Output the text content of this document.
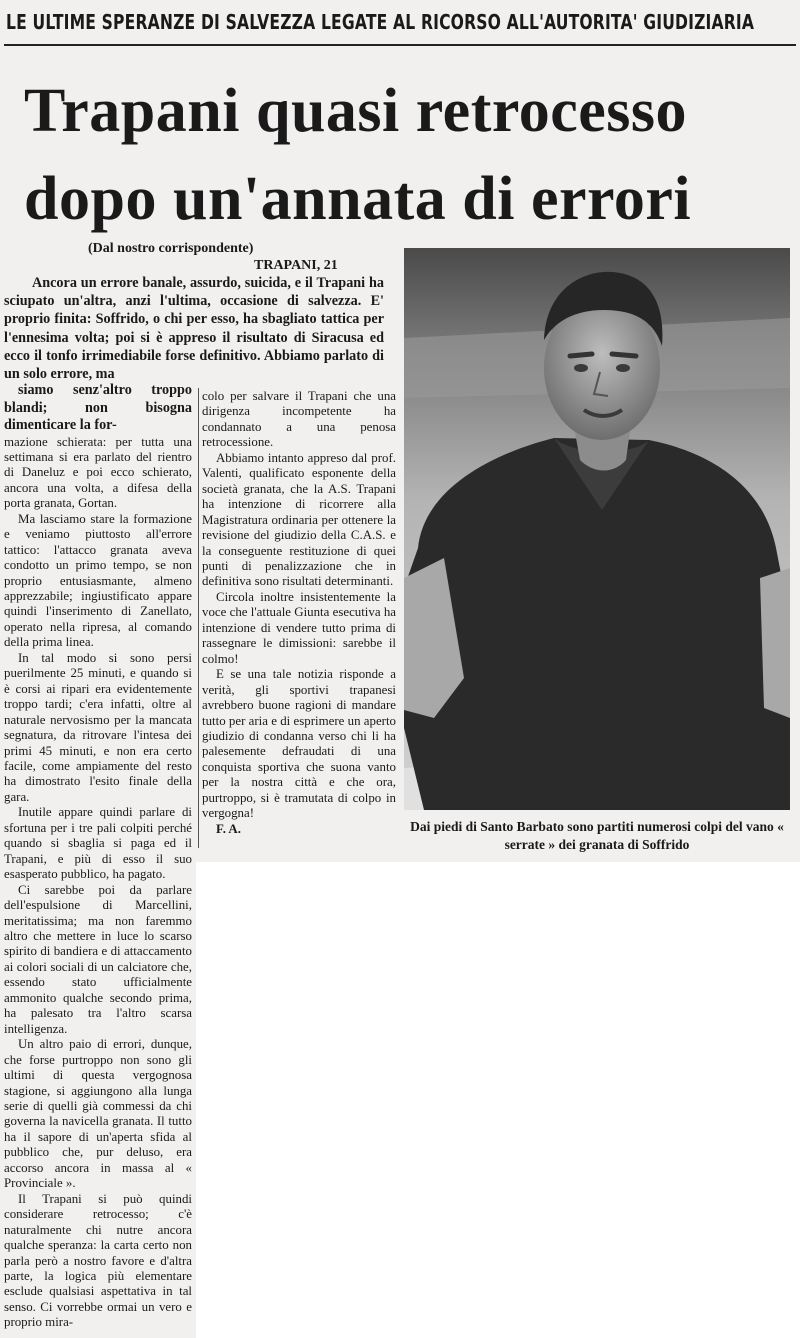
LE ULTIME SPERANZE DI SALVEZZA LEGATE AL RICORSO ALL'AUTORITA' GIUDIZIARIA
Trapani quasi retrocesso
dopo un'annata di errori
(Dal nostro corrispondente)
TRAPANI, 21

Ancora un errore banale, assurdo, suicida, e il Trapani ha sciupato un'altra, anzi l'ultima, occasione di salvezza. E' proprio finita: Soffrido, o chi per esso, ha sbagliato tattica per l'ennesima volta; poi si è appreso il risultato di Siracusa ed ecco il tonfo irrimediabile forse definitivo. Abbiamo parlato di un solo errore, ma

siamo senz'altro troppo blandi; non bisogna dimenticare la for-

mazione schierata: per tutta una settimana si era parlato del rientro di Daneluz e poi ecco schierato, ancora una volta, a difesa della porta granata, Gortan.

Ma lasciamo stare la formazione e veniamo piuttosto all'errore tattico: l'attacco granata aveva condotto un primo tempo, se non proprio entusiasmante, almeno apprezzabile; ingiustificato appare quindi l'inserimento di Zanellato, operato nella ripresa, al comando della prima linea.

In tal modo si sono persi puerilmente 25 minuti, e quando si è corsi ai ripari era evidentemente troppo tardi; c'era infatti, oltre al naturale nervosismo per la mancata segnatura, da ritrovare l'intesa dei primi 45 minuti, e non era certo facile, come ampiamente del resto ha dimostrato l'esito finale della gara.

Inutile appare quindi parlare di sfortuna per i tre pali colpiti perché quando si sbaglia si paga ed il Trapani, e più di esso il suo esasperato pubblico, ha pagato.

Ci sarebbe poi da parlare dell'espulsione di Marcellini, meritatissima; ma non faremmo altro che mettere in luce lo scarso spirito di bandiera e di attaccamento ai colori sociali di un calciatore che, essendo stato ufficialmente ammonito qualche secondo prima, ha palesato tra l'altro scarsa intelligenza.

Un altro paio di errori, dunque, che forse purtroppo non sono gli ultimi di questa vergognosa stagione, si aggiungono alla lunga serie di quelli già commessi da chi governa la navicella granata. Il tutto ha il sapore di un'aperta sfida al pubblico che, pur deluso, era accorso ancora in massa al « Provinciale ».

Il Trapani si può quindi considerare retrocesso; c'è naturalmente chi nutre ancora qualche speranza: la carta certo non parla però a nostro favore e d'altra parte, la logica più elementare esclude qualsiasi aspettativa in tal senso. Ci vorrebbe ormai un vero e proprio mira-

colo per salvare il Trapani che una dirigenza incompetente ha condannato a una penosa retrocessione.

Abbiamo intanto appreso dal prof. Valenti, qualificato esponente della società granata, che la A.S. Trapani ha intenzione di ricorrere alla Magistratura ordinaria per ottenere la revisione del giudizio della C.A.S. e la conseguente restituzione di quei punti di penalizzazione che in definitiva sono risultati determinanti.

Circola inoltre insistentemente la voce che l'attuale Giunta esecutiva ha intenzione di vendere tutto prima di rassegnare le dimissioni: sarebbe il colmo!

E se una tale notizia risponde a verità, gli sportivi trapanesi avrebbero buone ragioni di mandare tutto per aria e di esprimere un aperto giudizio di condanna verso chi li ha palesemente defraudati di una conquista sportiva che suona vanto per la nostra città e che ora, purtroppo, si è tramutata di colpo in vergogna!

F. A.	Dai piedi di Santo Barbato sono partiti numerosi colpi del vano « serrate » dei granata di Soffrido
